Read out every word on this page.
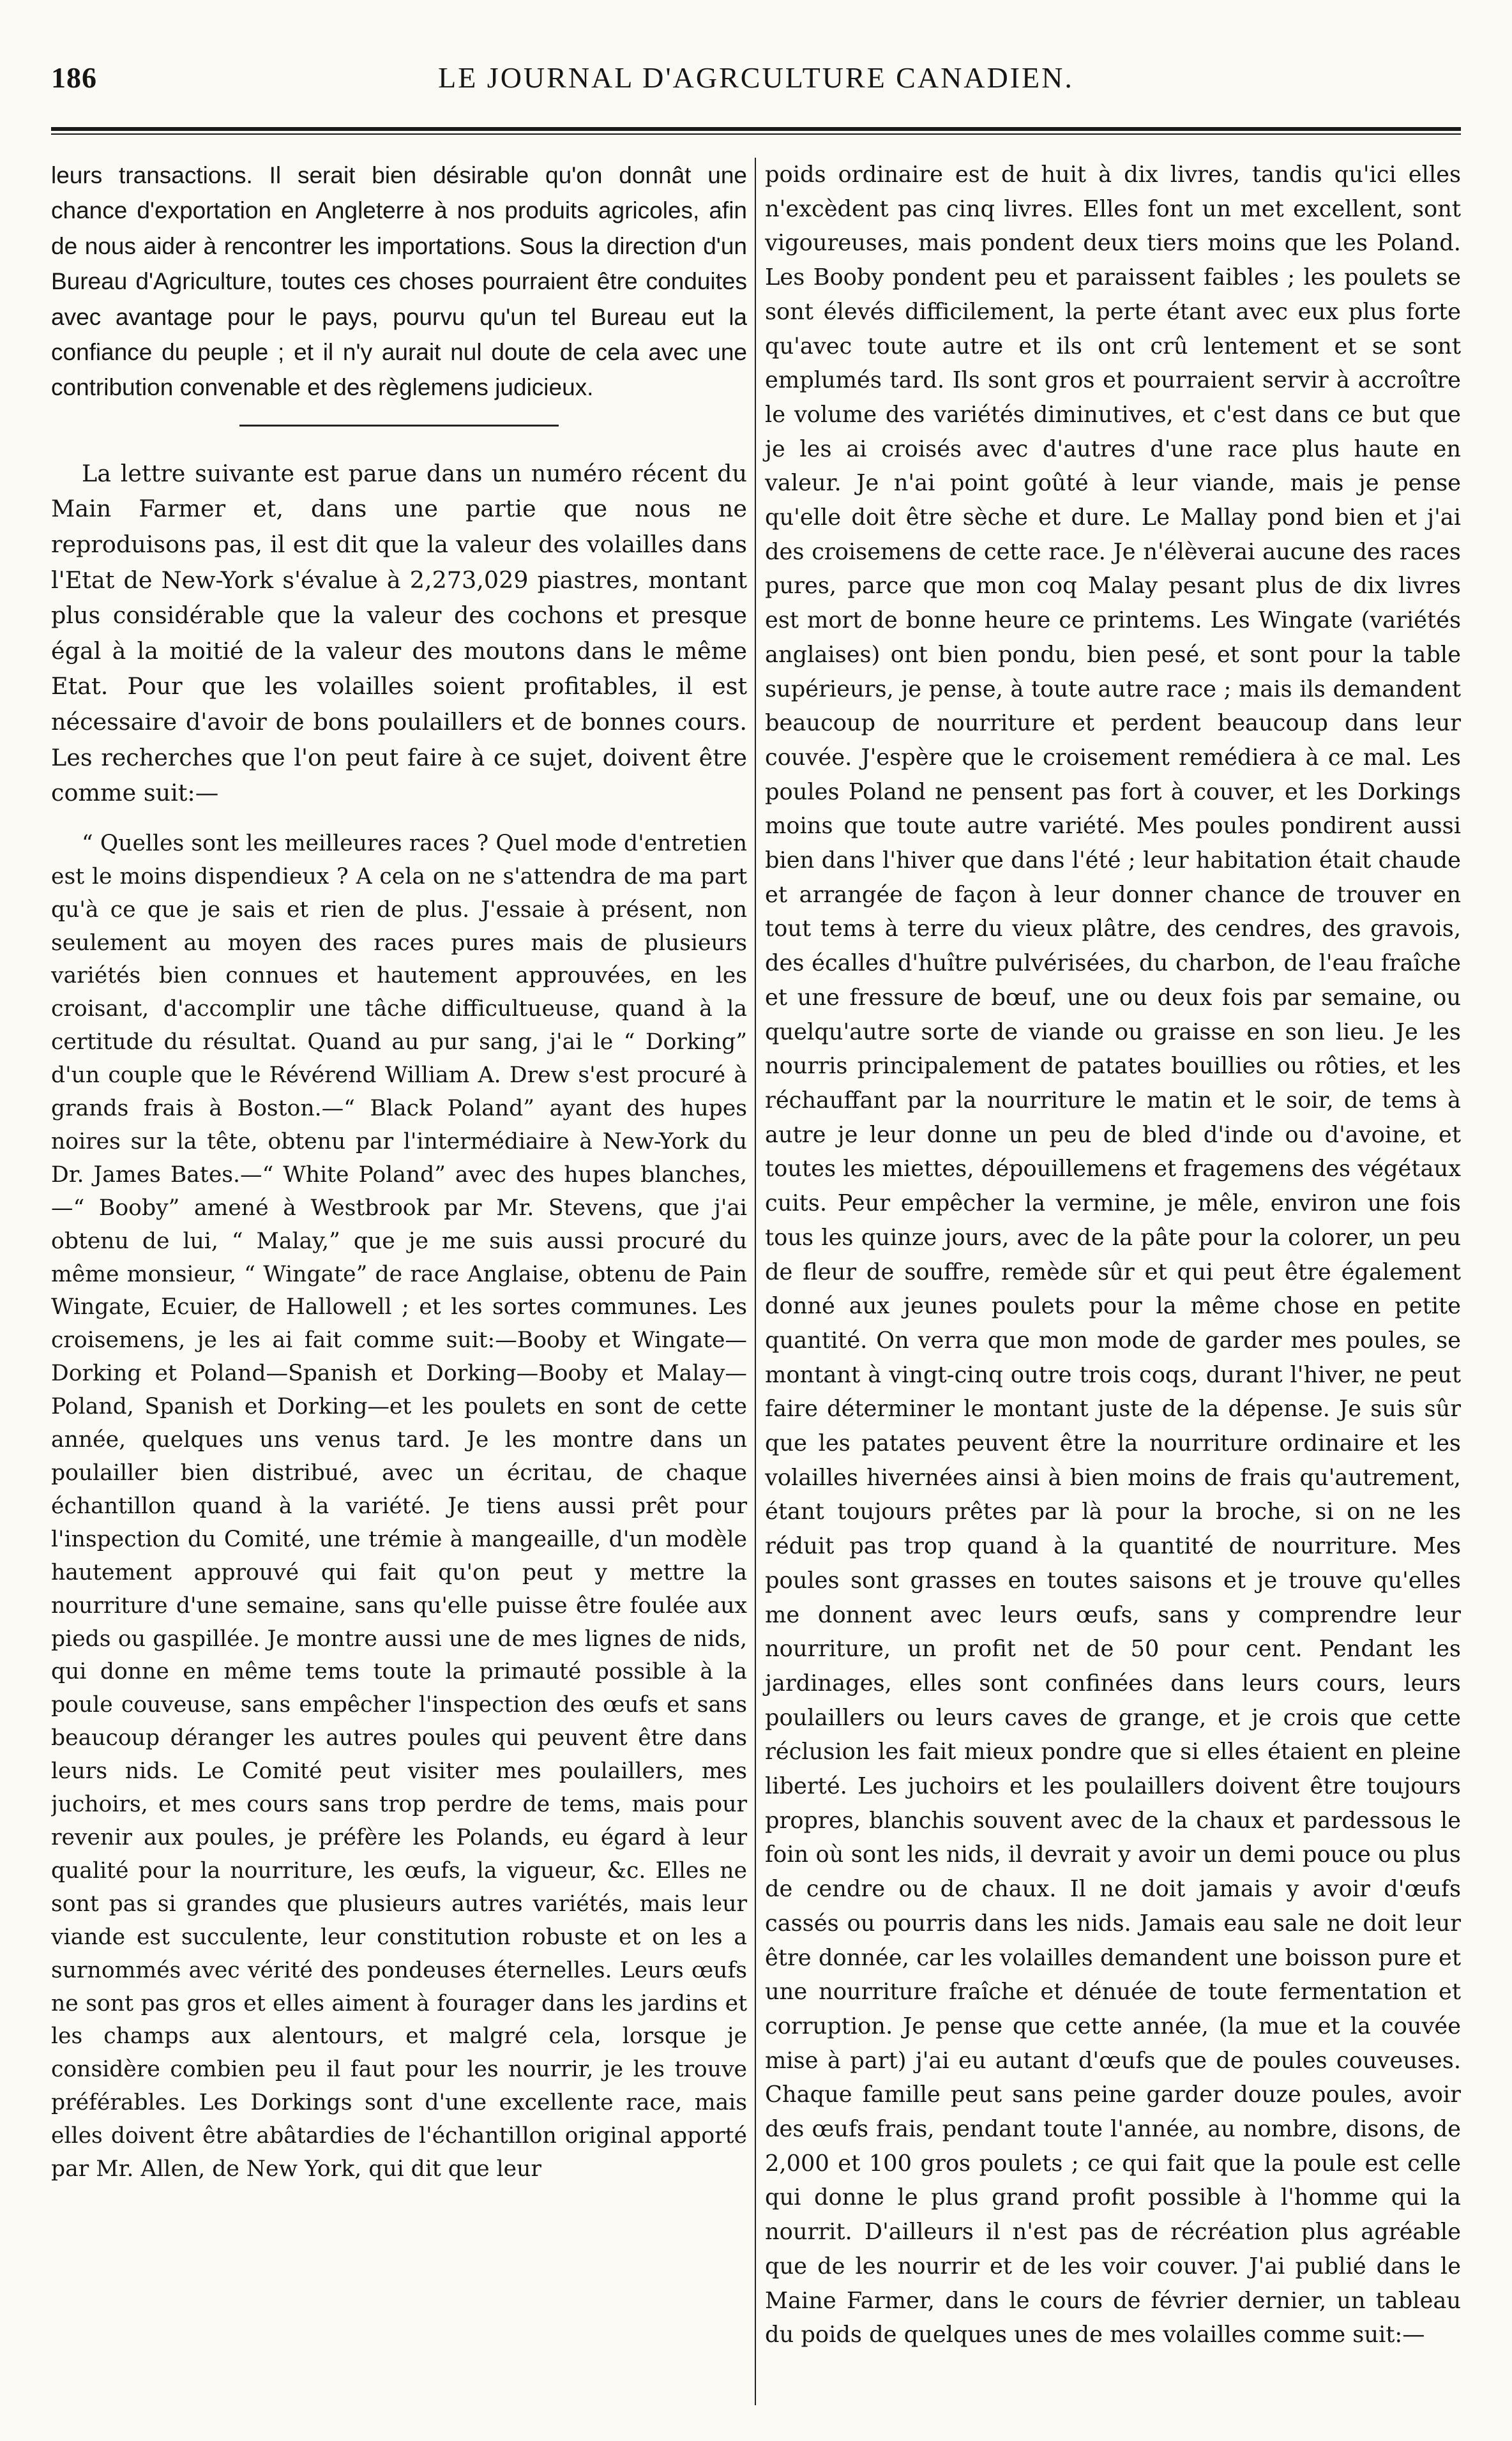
186	LE JOURNAL D'AGRCULTURE CANADIEN.

leurs transactions. Il serait bien désirable qu'on donnât une chance d'exportation en Angleterre à nos produits agricoles, afin de nous aider à rencontrer les importations. Sous la direction d'un Bureau d'Agriculture, toutes ces choses pourraient être conduites avec avantage pour le pays, pourvu qu'un tel Bureau eut la confiance du peuple ; et il n'y aurait nul doute de cela avec une contribution convenable et des règlemens judicieux.

La lettre suivante est parue dans un numéro récent du Main Farmer et, dans une partie que nous ne reproduisons pas, il est dit que la valeur des volailles dans l'Etat de New-York s'évalue à 2,273,029 piastres, montant plus considérable que la valeur des cochons et presque égal à la moitié de la valeur des moutons dans le même Etat. Pour que les volailles soient profitables, il est nécessaire d'avoir de bons poulaillers et de bonnes cours. Les recherches que l'on peut faire à ce sujet, doivent être comme suit:—

“ Quelles sont les meilleures races ? Quel mode d'entretien est le moins dispendieux ? A cela on ne s'attendra de ma part qu'à ce que je sais et rien de plus. J'essaie à présent, non seulement au moyen des races pures mais de plusieurs variétés bien connues et hautement approuvées, en les croisant, d'accomplir une tâche difficultueuse, quand à la certitude du résultat. Quand au pur sang, j'ai le “ Dorking” d'un couple que le Révérend William A. Drew s'est procuré à grands frais à Boston.—“ Black Poland” ayant des hupes noires sur la tête, obtenu par l'intermédiaire à New-York du Dr. James Bates.—“ White Poland” avec des hupes blanches,—“ Booby” amené à Westbrook par Mr. Stevens, que j'ai obtenu de lui, “ Malay,” que je me suis aussi procuré du même monsieur, “ Wingate” de race Anglaise, obtenu de Pain Wingate, Ecuier, de Hallowell ; et les sortes communes. Les croisemens, je les ai fait comme suit:—Booby et Wingate—Dorking et Poland—Spanish et Dorking—Booby et Malay—Poland, Spanish et Dorking—et les poulets en sont de cette année, quelques uns venus tard. Je les montre dans un poulailler bien distribué, avec un écritau, de chaque échantillon quand à la variété. Je tiens aussi prêt pour l'inspection du Comité, une trémie à mangeaille, d'un modèle hautement approuvé qui fait qu'on peut y mettre la nourriture d'une semaine, sans qu'elle puisse être foulée aux pieds ou gaspillée. Je montre aussi une de mes lignes de nids, qui donne en même tems toute la primauté possible à la poule couveuse, sans empêcher l'inspection des œufs et sans beaucoup déranger les autres poules qui peuvent être dans leurs nids. Le Comité peut visiter mes poulaillers, mes juchoirs, et mes cours sans trop perdre de tems, mais pour revenir aux poules, je préfère les Polands, eu égard à leur qualité pour la nourriture, les œufs, la vigueur, &c. Elles ne sont pas si grandes que plusieurs autres variétés, mais leur viande est succulente, leur constitution robuste et on les a surnommés avec vérité des pondeuses éternelles. Leurs œufs ne sont pas gros et elles aiment à fourager dans les jardins et les champs aux alentours, et malgré cela, lorsque je considère combien peu il faut pour les nourrir, je les trouve préférables. Les Dorkings sont d'une excellente race, mais elles doivent être abâtardies de l'échantillon original apporté par Mr. Allen, de New York, qui dit que leur

poids ordinaire est de huit à dix livres, tandis qu'ici elles n'excèdent pas cinq livres. Elles font un met excellent, sont vigoureuses, mais pondent deux tiers moins que les Poland. Les Booby pondent peu et paraissent faibles ; les poulets se sont élevés difficilement, la perte étant avec eux plus forte qu'avec toute autre et ils ont crû lentement et se sont emplumés tard. Ils sont gros et pourraient servir à accroître le volume des variétés diminutives, et c'est dans ce but que je les ai croisés avec d'autres d'une race plus haute en valeur. Je n'ai point goûté à leur viande, mais je pense qu'elle doit être sèche et dure. Le Mallay pond bien et j'ai des croisemens de cette race. Je n'élèverai aucune des races pures, parce que mon coq Malay pesant plus de dix livres est mort de bonne heure ce printems. Les Wingate (variétés anglaises) ont bien pondu, bien pesé, et sont pour la table supérieurs, je pense, à toute autre race ; mais ils demandent beaucoup de nourriture et perdent beaucoup dans leur couvée. J'espère que le croisement remédiera à ce mal. Les poules Poland ne pensent pas fort à couver, et les Dorkings moins que toute autre variété. Mes poules pondirent aussi bien dans l'hiver que dans l'été ; leur habitation était chaude et arrangée de façon à leur donner chance de trouver en tout tems à terre du vieux plâtre, des cendres, des gravois, des écalles d'huître pulvérisées, du charbon, de l'eau fraîche et une fressure de bœuf, une ou deux fois par semaine, ou quelqu'autre sorte de viande ou graisse en son lieu. Je les nourris principalement de patates bouillies ou rôties, et les réchauffant par la nourriture le matin et le soir, de tems à autre je leur donne un peu de bled d'inde ou d'avoine, et toutes les miettes, dépouillemens et fragemens des végétaux cuits. Peur empêcher la vermine, je mêle, environ une fois tous les quinze jours, avec de la pâte pour la colorer, un peu de fleur de souffre, remède sûr et qui peut être également donné aux jeunes poulets pour la même chose en petite quantité. On verra que mon mode de garder mes poules, se montant à vingt-cinq outre trois coqs, durant l'hiver, ne peut faire déterminer le montant juste de la dépense. Je suis sûr que les patates peuvent être la nourriture ordinaire et les volailles hivernées ainsi à bien moins de frais qu'autrement, étant toujours prêtes par là pour la broche, si on ne les réduit pas trop quand à la quantité de nourriture. Mes poules sont grasses en toutes saisons et je trouve qu'elles me donnent avec leurs œufs, sans y comprendre leur nourriture, un profit net de 50 pour cent. Pendant les jardinages, elles sont confinées dans leurs cours, leurs poulaillers ou leurs caves de grange, et je crois que cette réclusion les fait mieux pondre que si elles étaient en pleine liberté. Les juchoirs et les poulaillers doivent être toujours propres, blanchis souvent avec de la chaux et pardessous le foin où sont les nids, il devrait y avoir un demi pouce ou plus de cendre ou de chaux. Il ne doit jamais y avoir d'œufs cassés ou pourris dans les nids. Jamais eau sale ne doit leur être donnée, car les volailles demandent une boisson pure et une nourriture fraîche et dénuée de toute fermentation et corruption. Je pense que cette année, (la mue et la couvée mise à part) j'ai eu autant d'œufs que de poules couveuses. Chaque famille peut sans peine garder douze poules, avoir des œufs frais, pendant toute l'année, au nombre, disons, de 2,000 et 100 gros poulets ; ce qui fait que la poule est celle qui donne le plus grand profit possible à l'homme qui la nourrit. D'ailleurs il n'est pas de récréation plus agréable que de les nourrir et de les voir couver. J'ai publié dans le Maine Farmer, dans le cours de février dernier, un tableau du poids de quelques unes de mes volailles comme suit:—
